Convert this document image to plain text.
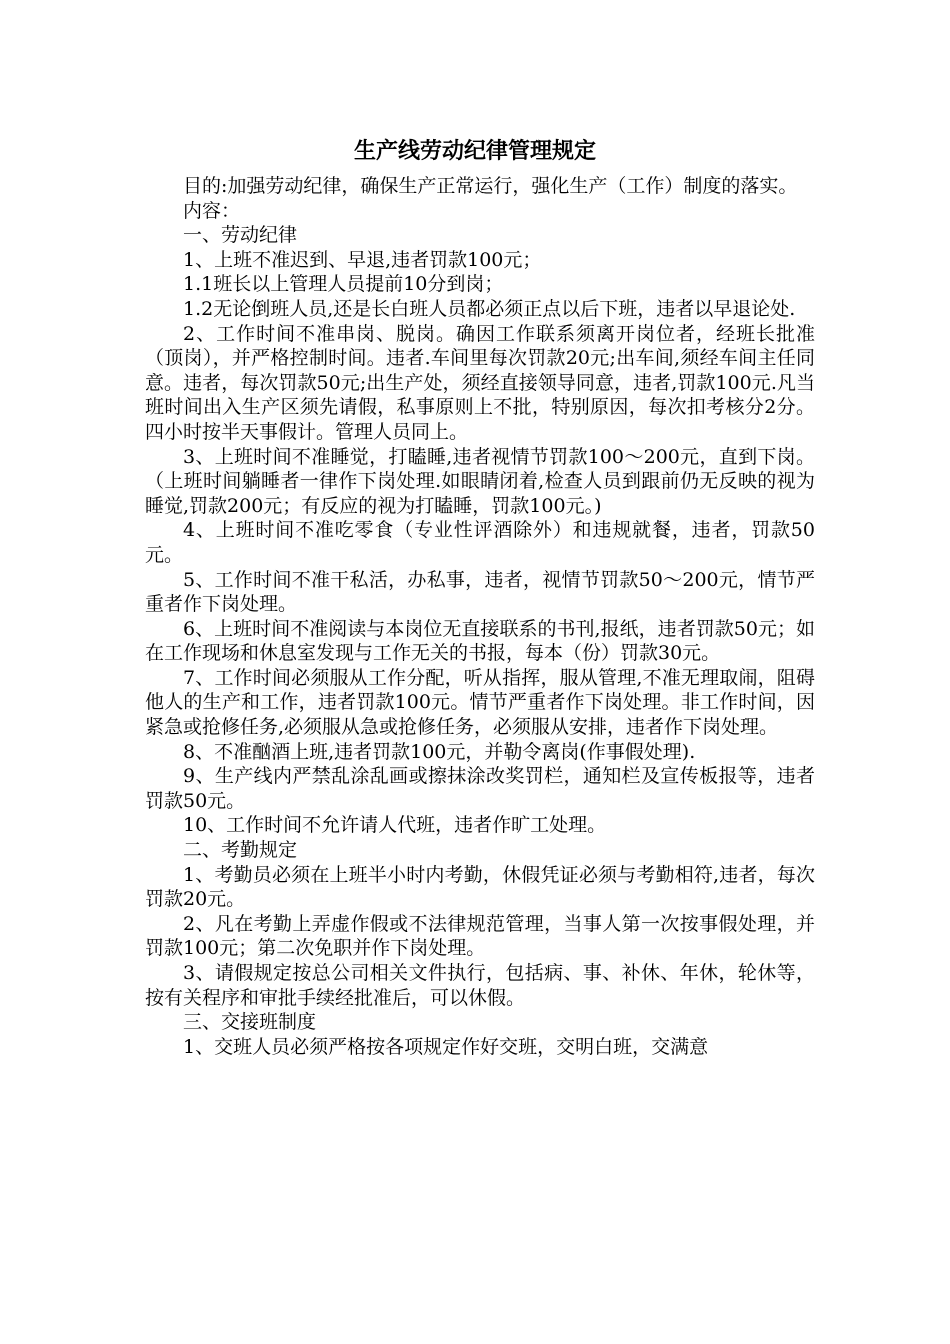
生产线劳动纪律管理规定

目的:加强劳动纪律，确保生产正常运行，强化生产（工作）制度的落实。

内容：

一、劳动纪律

1、上班不准迟到、早退,违者罚款100元；

1.1班长以上管理人员提前10分到岗；

1.2无论倒班人员,还是长白班人员都必须正点以后下班，违者以早退论处.

2、工作时间不准串岗、脱岗。确因工作联系须离开岗位者，经班长批准（顶岗），并严格控制时间。违者.车间里每次罚款20元;出车间,须经车间主任同意。违者，每次罚款50元;出生产处，须经直接领导同意，违者,罚款100元.凡当班时间出入生产区须先请假，私事原则上不批，特别原因，每次扣考核分2分。四小时按半天事假计。管理人员同上。

3、上班时间不准睡觉，打瞌睡,违者视情节罚款100～200元，直到下岗。（上班时间躺睡者一律作下岗处理.如眼睛闭着,检查人员到跟前仍无反映的视为睡觉,罚款200元；有反应的视为打瞌睡，罚款100元。)

4、上班时间不准吃零食（专业性评酒除外）和违规就餐，违者，罚款50元。

5、工作时间不准干私活，办私事，违者，视情节罚款50～200元，情节严重者作下岗处理。

6、上班时间不准阅读与本岗位无直接联系的书刊,报纸，违者罚款50元；如在工作现场和休息室发现与工作无关的书报，每本（份）罚款30元。

7、工作时间必须服从工作分配，听从指挥，服从管理,不准无理取闹，阻碍他人的生产和工作，违者罚款100元。情节严重者作下岗处理。非工作时间，因紧急或抢修任务,必须服从急或抢修任务，必须服从安排，违者作下岗处理。

8、不准酗酒上班,违者罚款100元，并勒令离岗(作事假处理).

9、生产线内严禁乱涂乱画或擦抹涂改奖罚栏，通知栏及宣传板报等，违者罚款50元。

10、工作时间不允许请人代班，违者作旷工处理。

二、考勤规定

1、考勤员必须在上班半小时内考勤，休假凭证必须与考勤相符,违者，每次罚款20元。

2、凡在考勤上弄虚作假或不法律规范管理，当事人第一次按事假处理，并罚款100元；第二次免职并作下岗处理。

3、请假规定按总公司相关文件执行，包括病、事、补休、年休，轮休等，按有关程序和审批手续经批准后，可以休假。

三、交接班制度

1、交班人员必须严格按各项规定作好交班，交明白班，交满意
